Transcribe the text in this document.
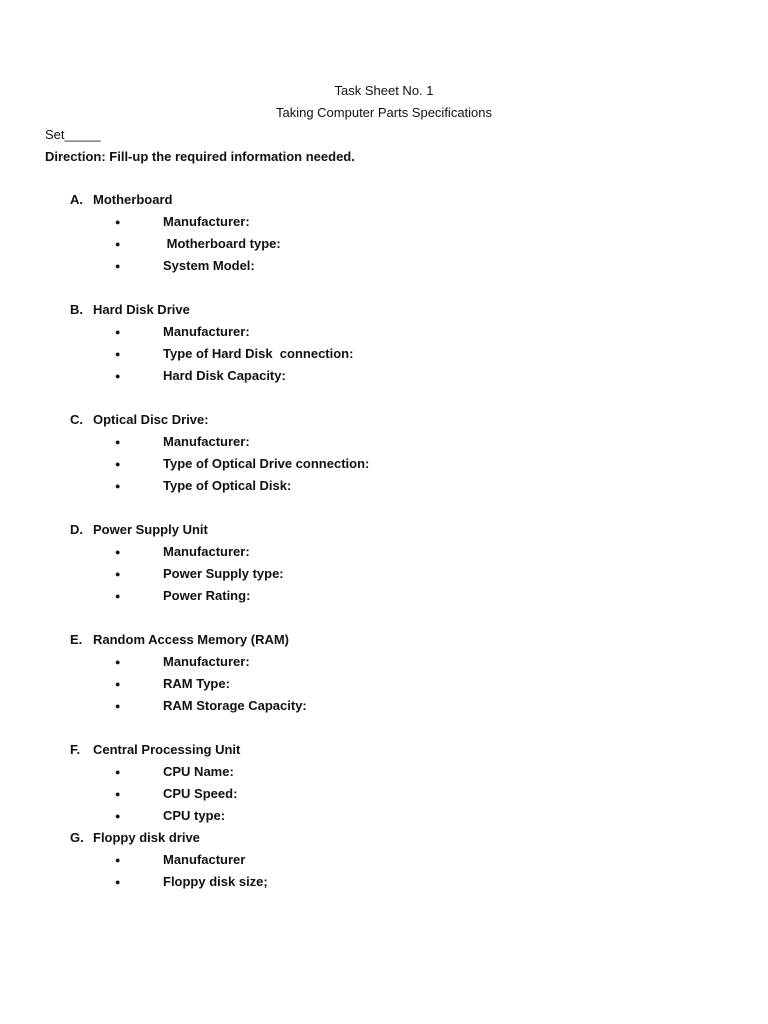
Task Sheet No. 1
Taking Computer Parts Specifications
Set_____
Direction: Fill-up the required information needed.
A. Motherboard
●	Manufacturer:
●	Motherboard type:
●	System Model:
B. Hard Disk Drive
●	Manufacturer:
●	Type of Hard Disk  connection:
●	Hard Disk Capacity:
C. Optical Disc Drive:
●	Manufacturer:
●	Type of Optical Drive connection:
●	Type of Optical Disk:
D. Power Supply Unit
●	Manufacturer:
●	Power Supply type:
●	Power Rating:
E. Random Access Memory (RAM)
●	Manufacturer:
●	RAM Type:
●	RAM Storage Capacity:
F. Central Processing Unit
●	CPU Name:
●	CPU Speed:
●	CPU type:
G. Floppy disk drive
●	Manufacturer
●	Floppy disk size;
